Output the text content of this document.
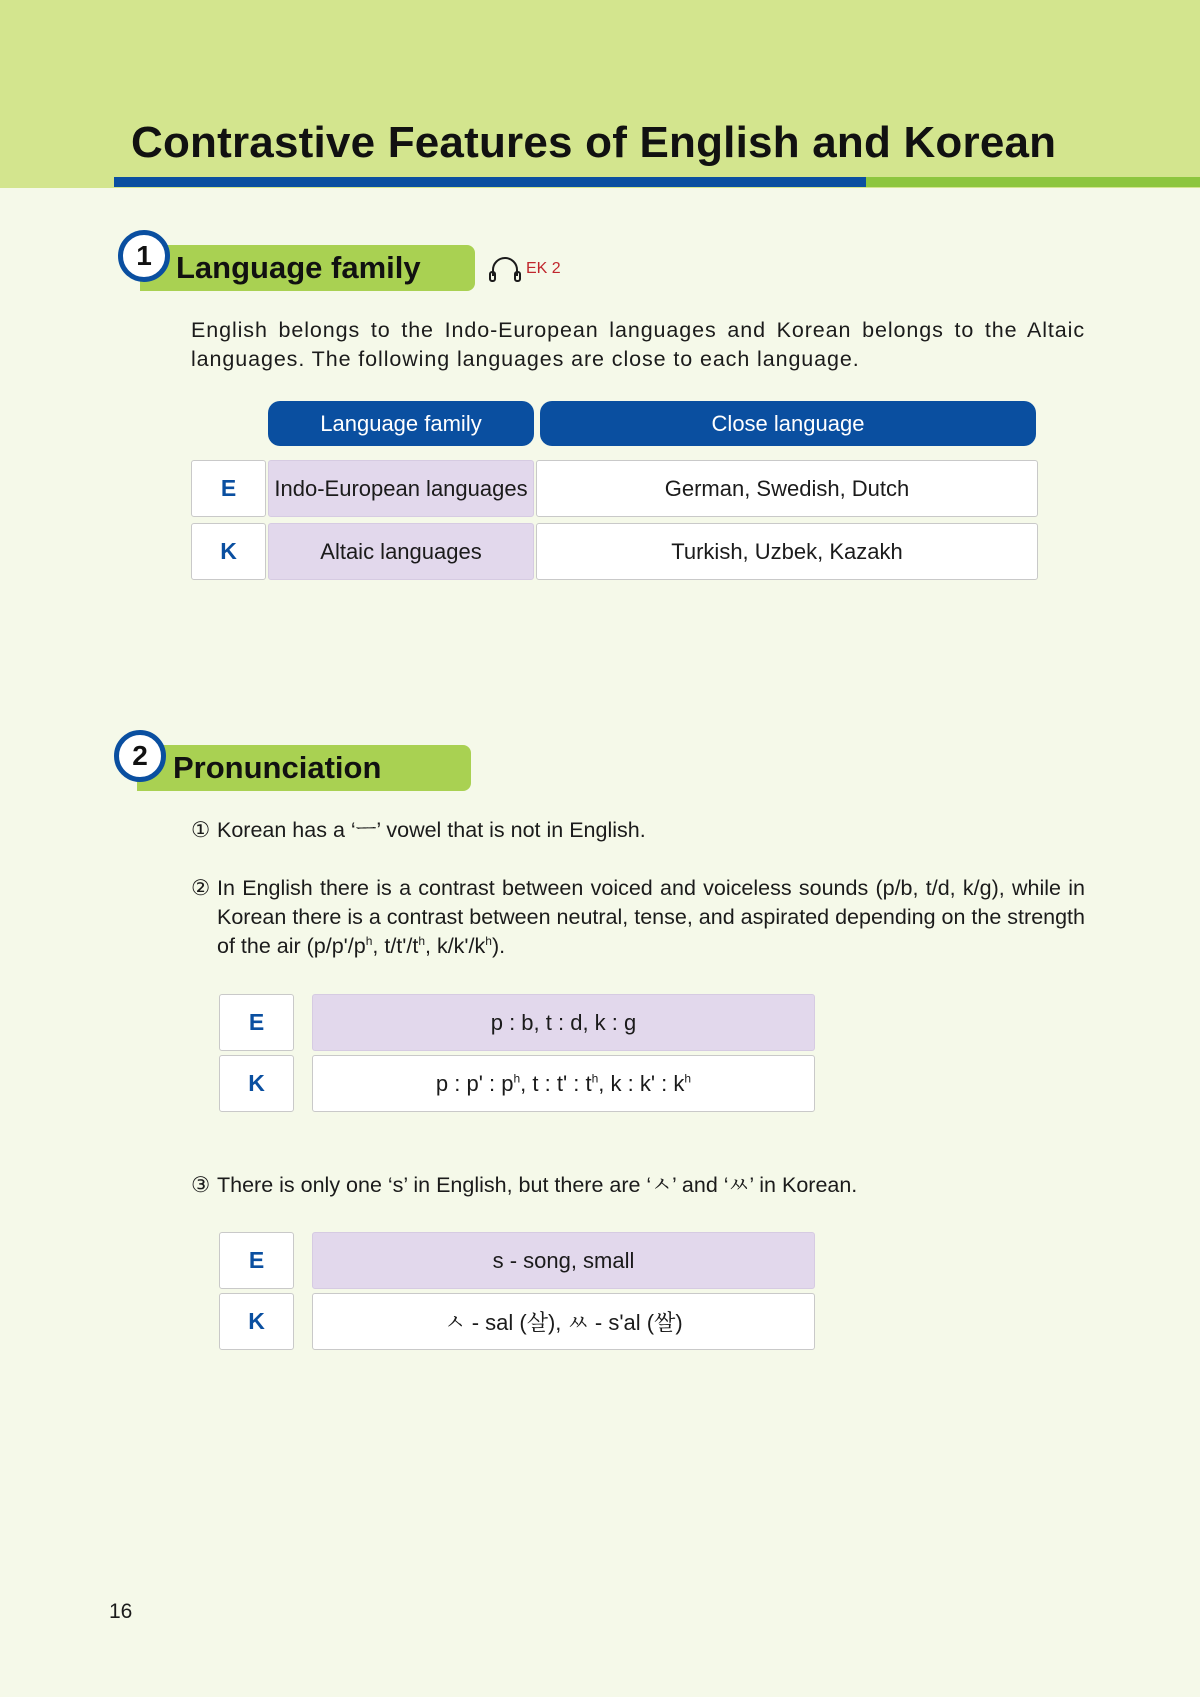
Contrastive Features of English and Korean
Language family
1	EK 2
English belongs to the Indo-European languages and Korean belongs to the Altaic languages. The following languages are close to each language.
Language family	Close language
E	Indo-European languages	German, Swedish, Dutch
K	Altaic languages	Turkish, Uzbek, Kazakh
Pronunciation
2
① Korean has a ‘ㅡ’ vowel that is not in English.
② In English there is a contrast between voiced and voiceless sounds (p/b, t/d, k/g), while in Korean there is a contrast between neutral, tense, and aspirated depending on the strength of the air ($p/p'/p^h$, $t/t'/t^h$, $k/k'/k^h$).
E	p : b, t : d, k : g
K	p : p' : $p^h$, t : t' : $t^h$, k : k' : $k^h$
③ There is only one ‘s’ in English, but there are ‘ㅅ’ and ‘ㅆ’ in Korean.
E	s - song, small
K	ㅅ - sal (살), ㅆ - s'al (쌀)
16
